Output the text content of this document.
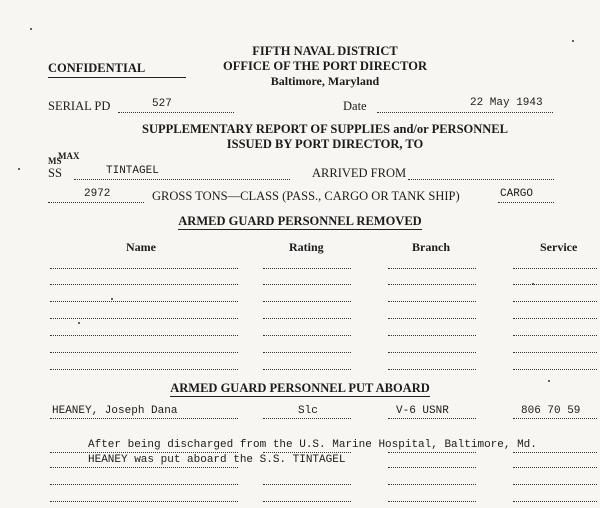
FIFTH NAVAL DISTRICT
OFFICE OF THE PORT DIRECTOR
Baltimore, Maryland
CONFIDENTIAL
SERIAL PD	527	Date	22 May 1943
SUPPLEMENTARY REPORT OF SUPPLIES and/or PERSONNEL
ISSUED BY PORT DIRECTOR, TO
MS
MAX
SS	TINTAGEL	ARRIVED FROM
2972	GROSS TONS—CLASS (PASS., CARGO OR TANK SHIP)	CARGO
ARMED GUARD PERSONNEL REMOVED
Name	Rating	Branch	Service
ARMED GUARD PERSONNEL PUT ABOARD
HEANEY, Joseph Dana	Slc	V-6 USNR	806 70 59
After being discharged from the U.S. Marine Hospital, Baltimore, Md.
HEANEY was put aboard the S.S. TINTAGEL
